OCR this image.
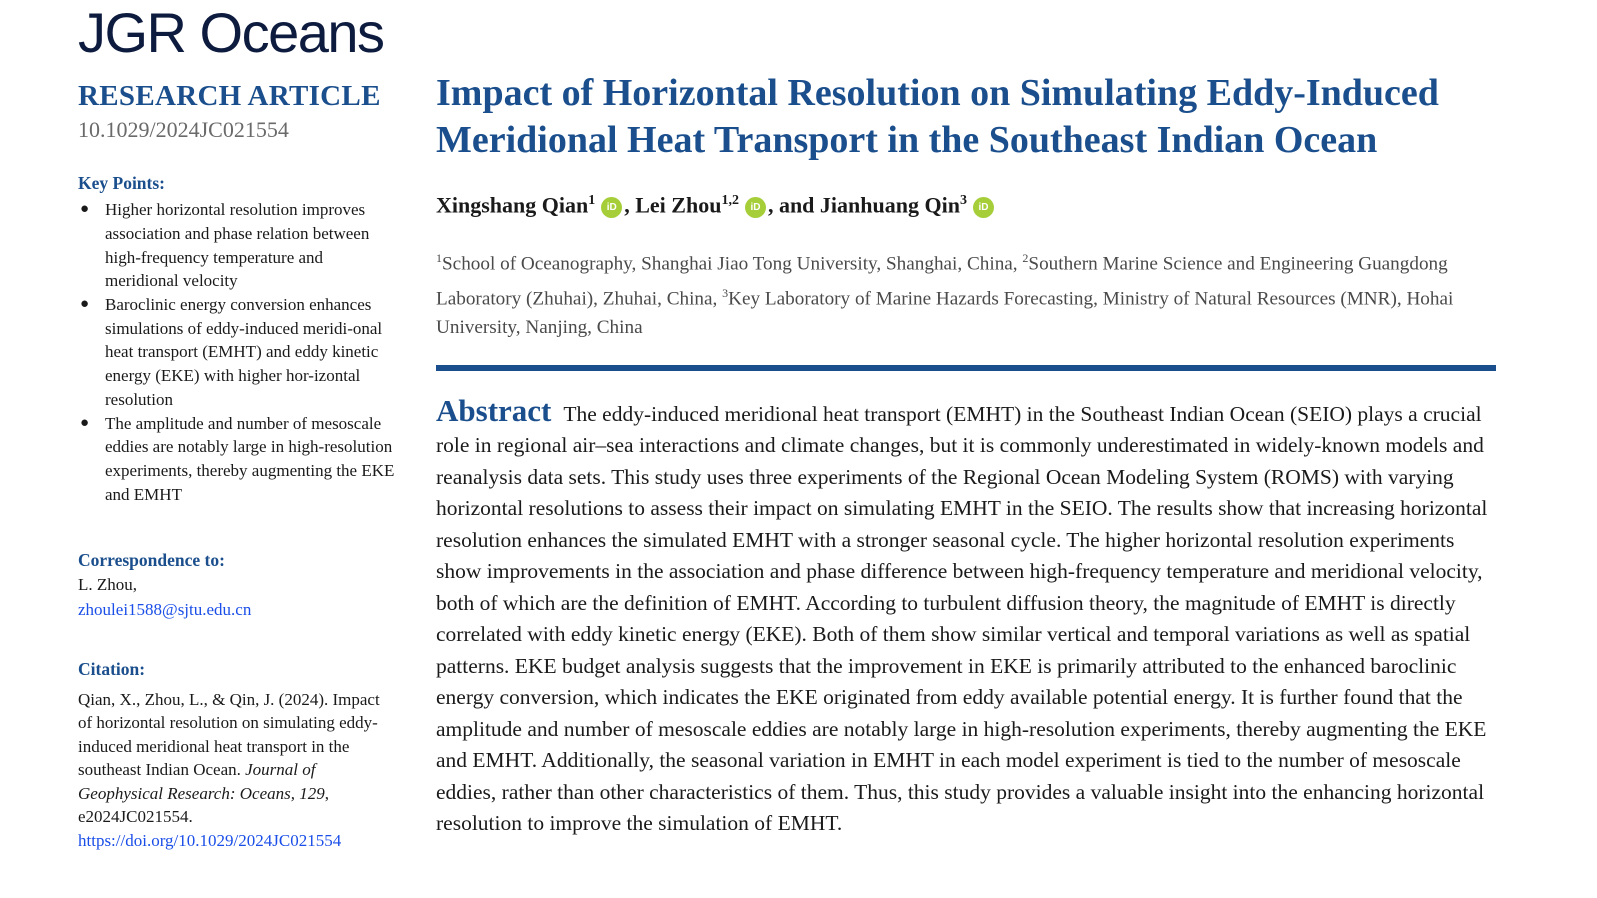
JGR Oceans
RESEARCH ARTICLE
10.1029/2024JC021554
Key Points:
● Higher horizontal resolution improves association and phase relation between high-frequency temperature and meridional velocity
● Baroclinic energy conversion enhances simulations of eddy-induced meridi-onal heat transport (EMHT) and eddy kinetic energy (EKE) with higher hor-izontal resolution
● The amplitude and number of mesoscale eddies are notably large in high-resolution experiments, thereby augmenting the EKE and EMHT
Correspondence to:
L. Zhou,
zhoulei1588@sjtu.edu.cn
Citation:
Qian, X., Zhou, L., & Qin, J. (2024). Impact of horizontal resolution on simulating eddy-induced meridional heat transport in the southeast Indian Ocean. Journal of Geophysical Research: Oceans, 129, e2024JC021554. https://doi.org/10.1029/2024JC021554
Impact of Horizontal Resolution on Simulating Eddy-Induced Meridional Heat Transport in the Southeast Indian Ocean
Xingshang Qian$^1$ iD , Lei Zhou$^{1,2}$ iD , and Jianhuang Qin$^3$ iD
$^1$School of Oceanography, Shanghai Jiao Tong University, Shanghai, China, $^2$Southern Marine Science and Engineering Guangdong Laboratory (Zhuhai), Zhuhai, China, $^3$Key Laboratory of Marine Hazards Forecasting, Ministry of Natural Resources (MNR), Hohai University, Nanjing, China
Abstract The eddy-induced meridional heat transport (EMHT) in the Southeast Indian Ocean (SEIO) plays a crucial role in regional air–sea interactions and climate changes, but it is commonly underestimated in widely-known models and reanalysis data sets. This study uses three experiments of the Regional Ocean Modeling System (ROMS) with varying horizontal resolutions to assess their impact on simulating EMHT in the SEIO. The results show that increasing horizontal resolution enhances the simulated EMHT with a stronger seasonal cycle. The higher horizontal resolution experiments show improvements in the association and phase difference between high-frequency temperature and meridional velocity, both of which are the definition of EMHT. According to turbulent diffusion theory, the magnitude of EMHT is directly correlated with eddy kinetic energy (EKE). Both of them show similar vertical and temporal variations as well as spatial patterns. EKE budget analysis suggests that the improvement in EKE is primarily attributed to the enhanced baroclinic energy conversion, which indicates the EKE originated from eddy available potential energy. It is further found that the amplitude and number of mesoscale eddies are notably large in high-resolution experiments, thereby augmenting the EKE and EMHT. Additionally, the seasonal variation in EMHT in each model experiment is tied to the number of mesoscale eddies, rather than other characteristics of them. Thus, this study provides a valuable insight into the enhancing horizontal resolution to improve the simulation of EMHT.
